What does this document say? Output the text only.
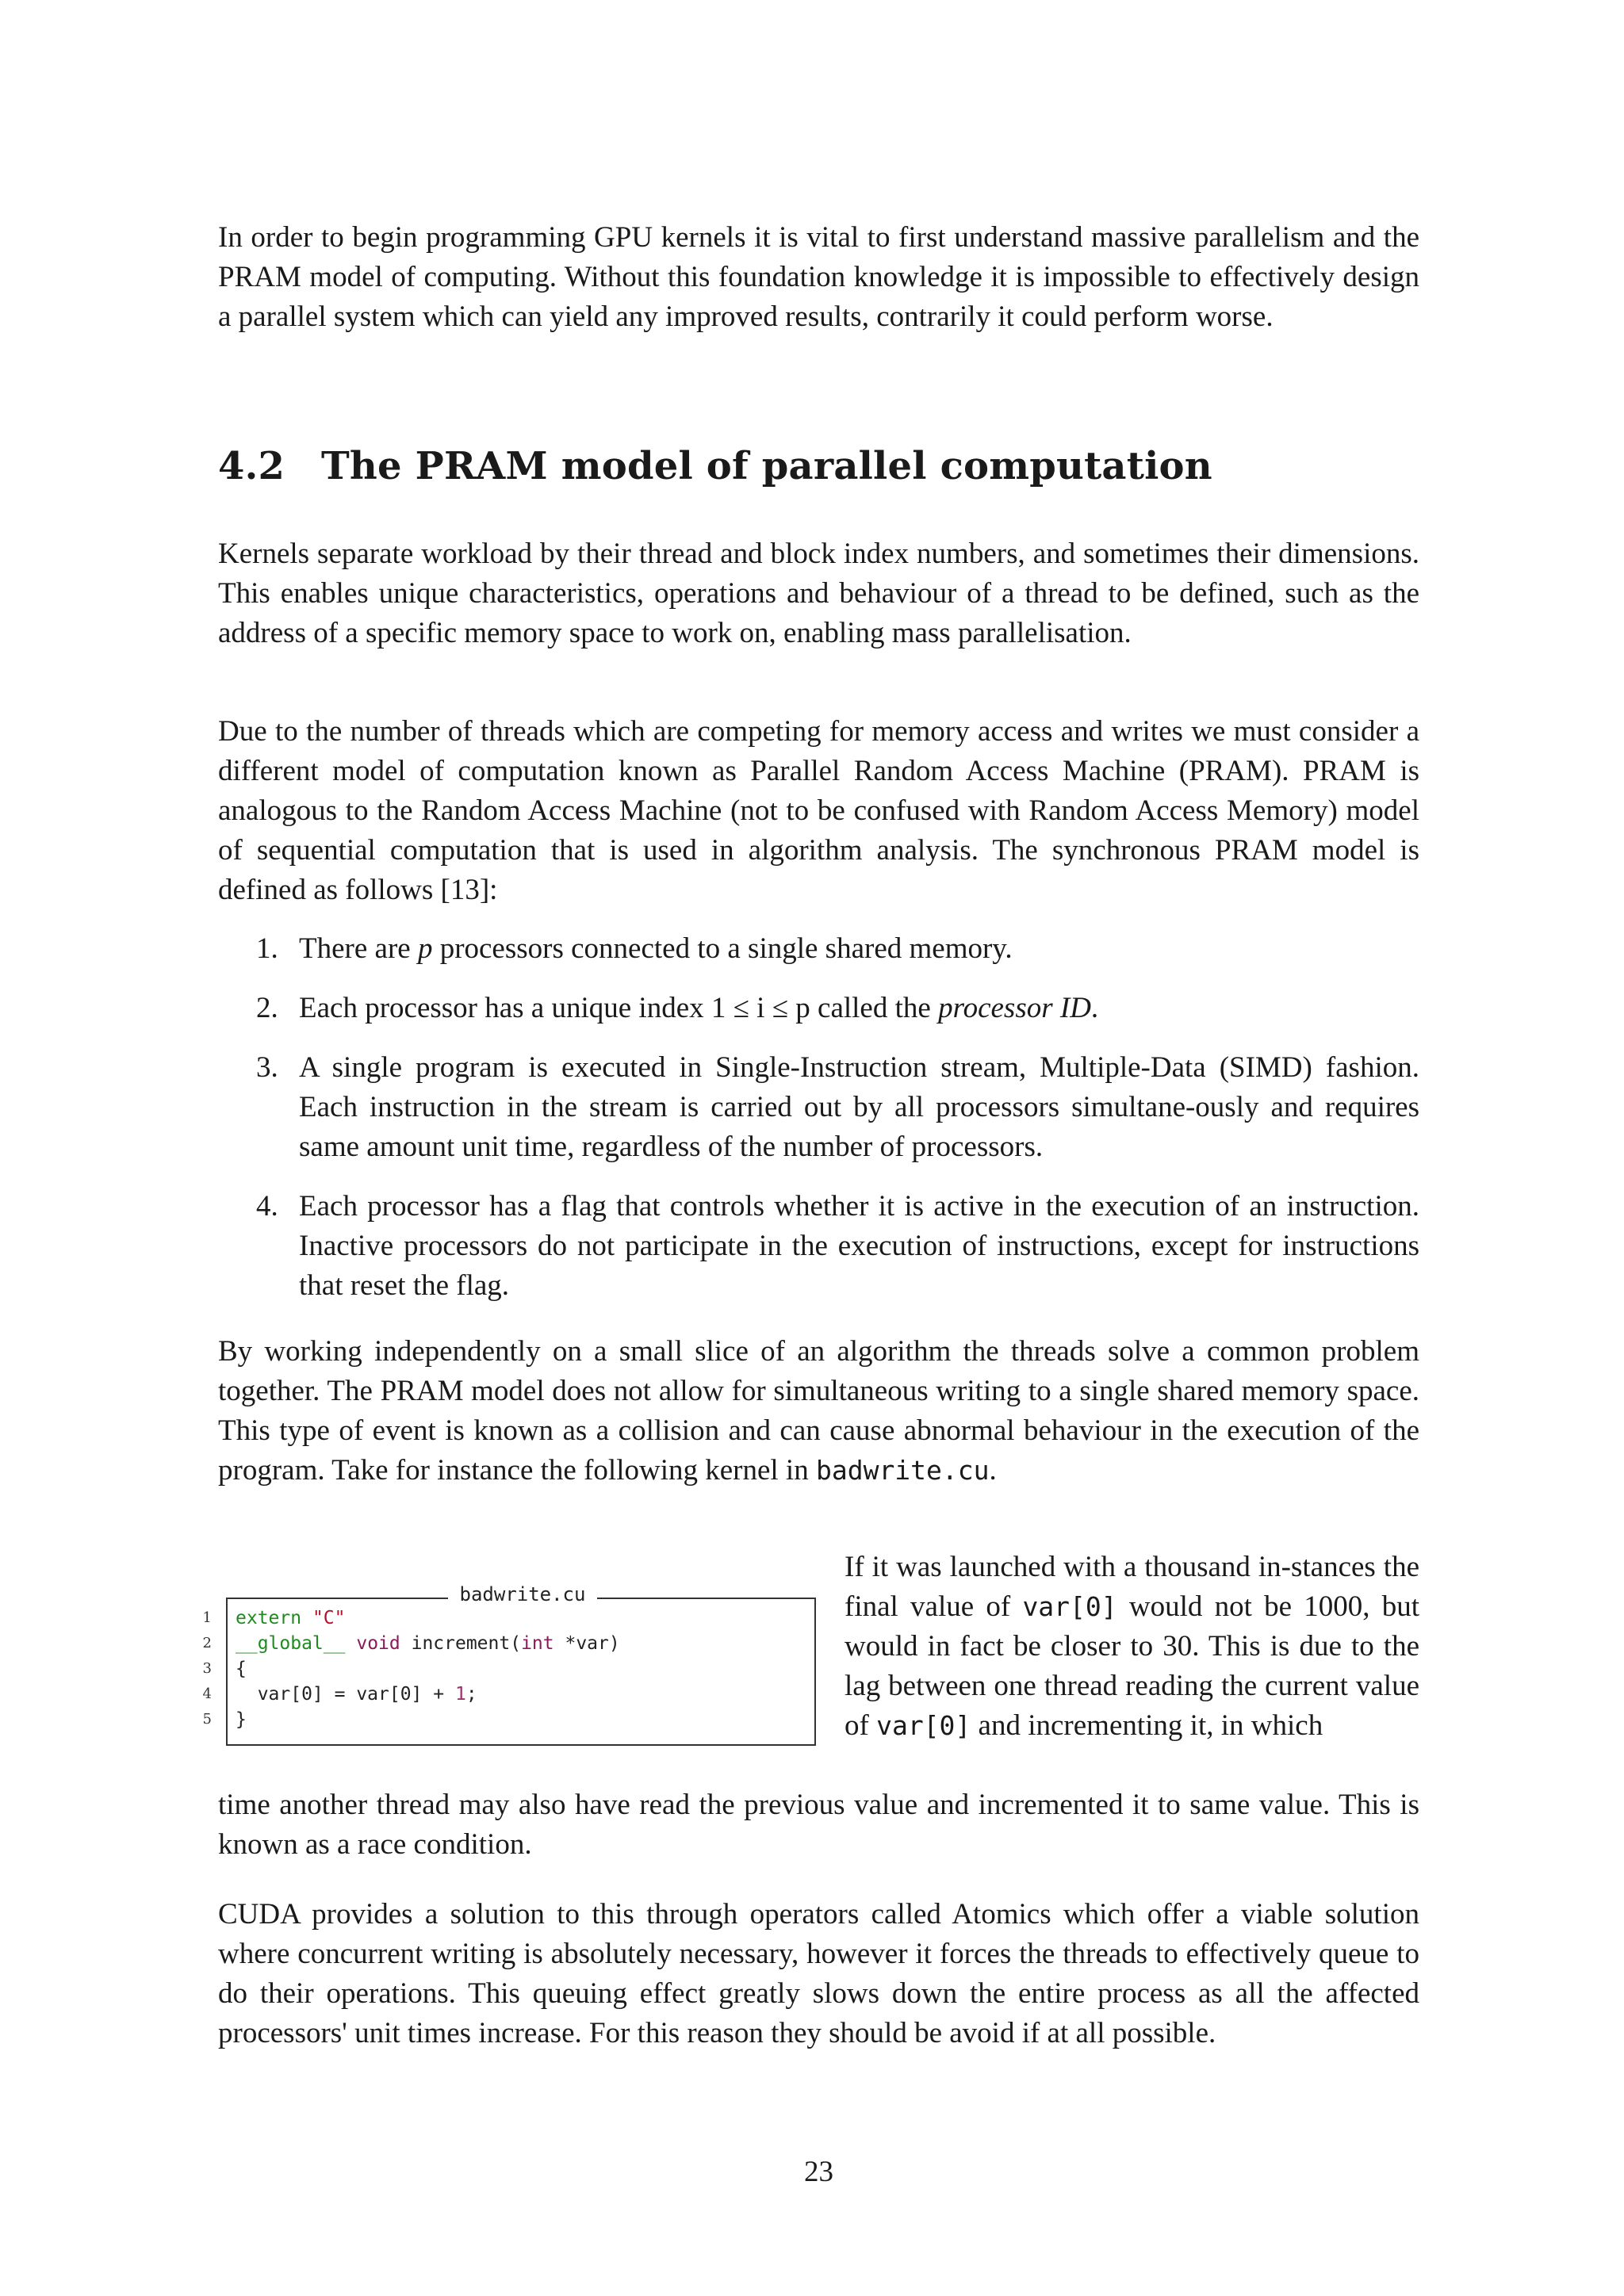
In order to begin programming GPU kernels it is vital to first understand massive parallelism and the PRAM model of computing. Without this foundation knowledge it is impossible to effectively design a parallel system which can yield any improved results, contrarily it could perform worse.

4.2 The PRAM model of parallel computation

Kernels separate workload by their thread and block index numbers, and sometimes their dimensions. This enables unique characteristics, operations and behaviour of a thread to be defined, such as the address of a specific memory space to work on, enabling mass parallelisation.

Due to the number of threads which are competing for memory access and writes we must consider a different model of computation known as Parallel Random Access Machine (PRAM). PRAM is analogous to the Random Access Machine (not to be confused with Random Access Memory) model of sequential computation that is used in algorithm analysis. The synchronous PRAM model is defined as follows [13]:

1. There are p processors connected to a single shared memory.
2. Each processor has a unique index 1 ≤ i ≤ p called the processor ID.
3. A single program is executed in Single-Instruction stream, Multiple-Data (SIMD) fashion. Each instruction in the stream is carried out by all processors simultane-ously and requires same amount unit time, regardless of the number of processors.
4. Each processor has a flag that controls whether it is active in the execution of an instruction. Inactive processors do not participate in the execution of instructions, except for instructions that reset the flag.

By working independently on a small slice of an algorithm the threads solve a common problem together. The PRAM model does not allow for simultaneous writing to a single shared memory space. This type of event is known as a collision and can cause abnormal behaviour in the execution of the program. Take for instance the following kernel in badwrite.cu.

badwrite.cu
1
2
3
4
5
extern "C"
__global__ void increment(int *var)
{
var[0] = var[0] + 1;
}

If it was launched with a thousand in-stances the final value of var[0] would not be 1000, but would in fact be closer to 30. This is due to the lag between one thread reading the current value of var[0] and incrementing it, in which

time another thread may also have read the previous value and incremented it to same value. This is known as a race condition.

CUDA provides a solution to this through operators called Atomics which offer a viable solution where concurrent writing is absolutely necessary, however it forces the threads to effectively queue to do their operations. This queuing effect greatly slows down the entire process as all the affected processors' unit times increase. For this reason they should be avoid if at all possible.

23
